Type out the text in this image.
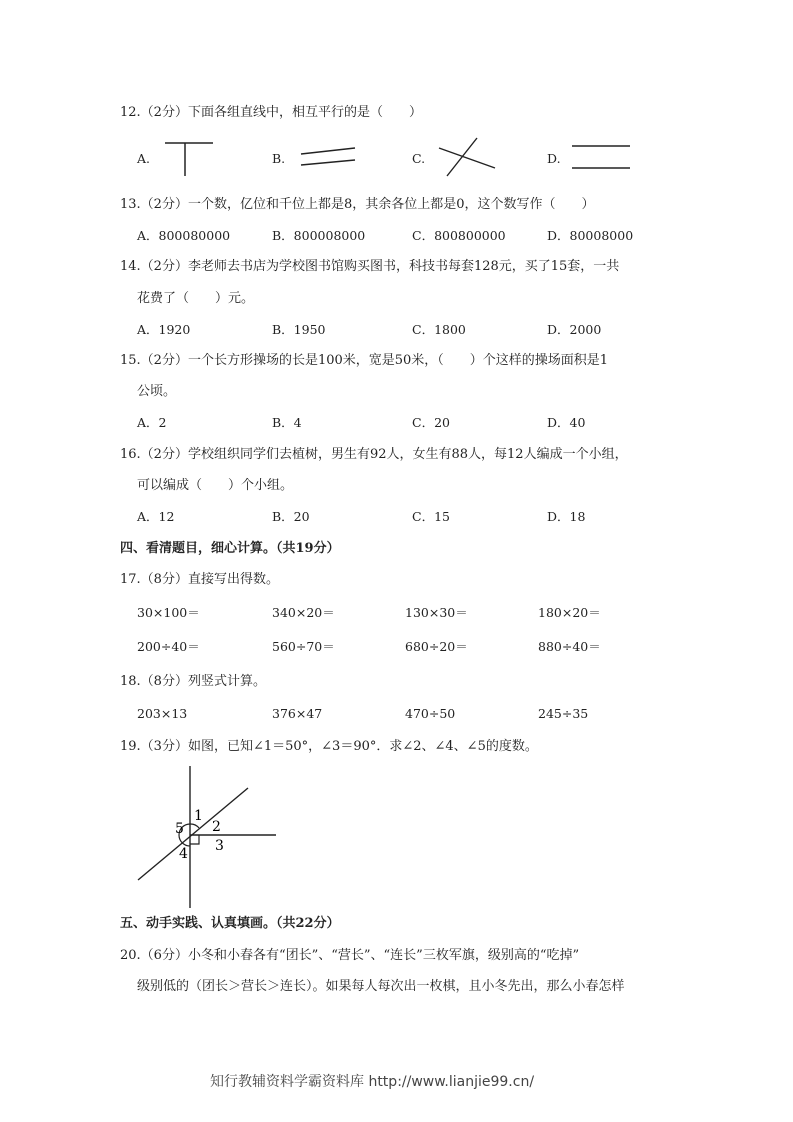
12.（2分）下面各组直线中，相互平行的是（　　）
A.	B.	C.	D.
13.（2分）一个数，亿位和千位上都是8，其余各位上都是0，这个数写作（　　）
A．800080000	B．800008000	C．800800000	D．80008000
14.（2分）李老师去书店为学校图书馆购买图书，科技书每套128元，买了15套，一共
花费了（　　）元。
A．1920	B．1950	C．1800	D．2000
15.（2分）一个长方形操场的长是100米，宽是50米，（　　）个这样的操场面积是1
公顷。
A．2	B．4	C．20	D．40
16.（2分）学校组织同学们去植树，男生有92人，女生有88人，每12人编成一个小组，
可以编成（　　）个小组。
A．12	B．20	C．15	D．18
四、看清题目，细心计算。（共19分）
17.（8分）直接写出得数。
30×100＝	340×20＝	130×30＝	180×20＝
200÷40＝	560÷70＝	680÷20＝	880÷40＝
18.（8分）列竖式计算。
203×13	376×47	470÷50	245÷35
19.（3分）如图，已知∠1＝50°，∠3＝90°．求∠2、∠4、∠5的度数。
1
2
3
4
5
五、动手实践、认真填画。（共22分）
20.（6分）小冬和小春各有“团长”、“营长”、“连长”三枚军旗，级别高的“吃掉”
级别低的（团长＞营长＞连长）。如果每人每次出一枚棋，且小冬先出，那么小春怎样
知行教辅资料学霸资料库 http://www.lianjie99.cn/
